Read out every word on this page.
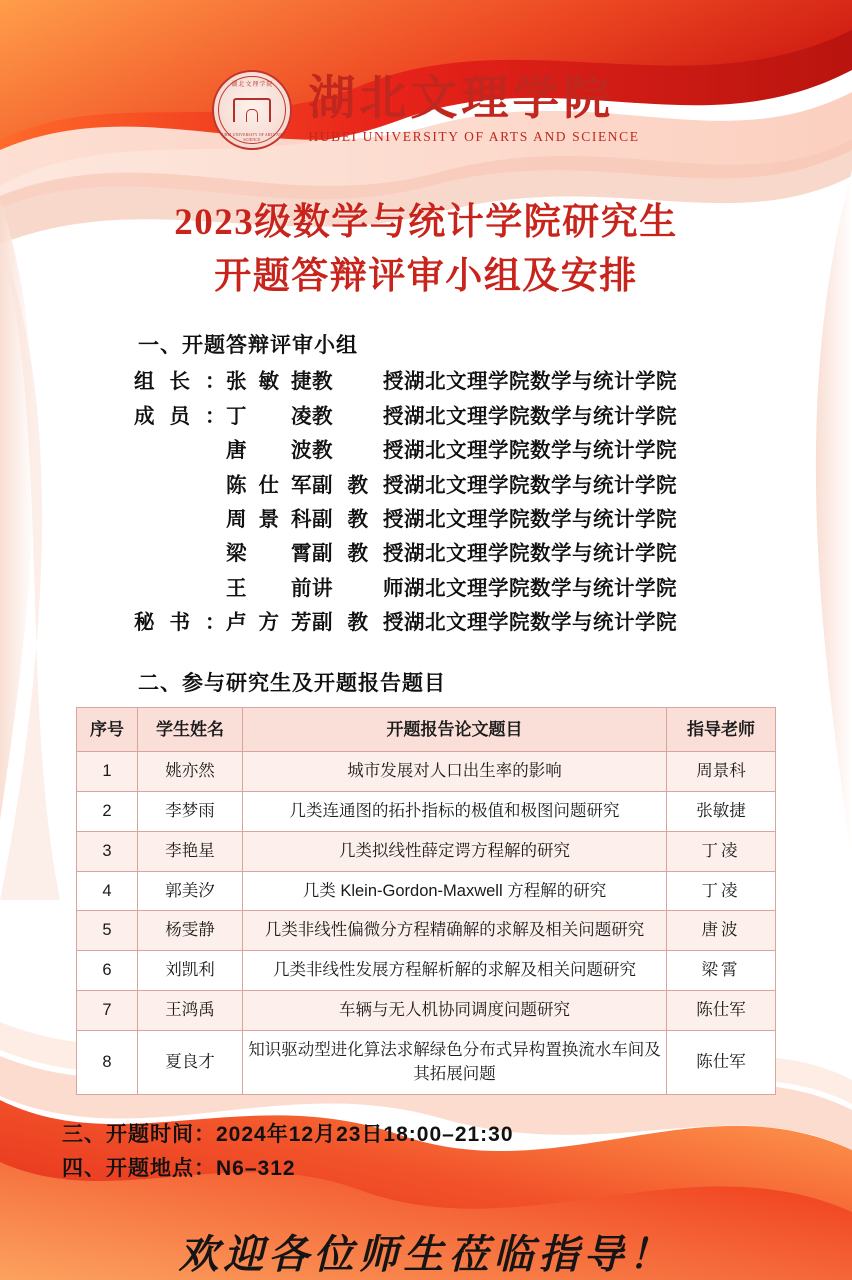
湖北文理学院
HUBEI UNIVERSITY OF ARTS AND SCIENCE
湖北文理学院
HUBEI UNIVERSITY OF ARTS AND SCIENCE
2023级数学与统计学院研究生
开题答辩评审小组及安排
一、开题答辩评审小组
组长： 张敏捷 教授 湖北文理学院数学与统计学院
成员： 丁凌 教授 湖北文理学院数学与统计学院
唐波 教授 湖北文理学院数学与统计学院
陈仕军 副教授 湖北文理学院数学与统计学院
周景科 副教授 湖北文理学院数学与统计学院
梁霄 副教授 湖北文理学院数学与统计学院
王前 讲师 湖北文理学院数学与统计学院
秘书： 卢方芳 副教授 湖北文理学院数学与统计学院
二、参与研究生及开题报告题目
序号	学生姓名	开题报告论文题目	指导老师
1	姚亦然	城市发展对人口出生率的影响	周景科
2	李梦雨	几类连通图的拓扑指标的极值和极图问题研究	张敏捷
3	李艳星	几类拟线性薛定谔方程解的研究	丁凌
4	郭美汐	几类 Klein-Gordon-Maxwell 方程解的研究	丁凌
5	杨雯静	几类非线性偏微分方程精确解的求解及相关问题研究	唐波
6	刘凯利	几类非线性发展方程解析解的求解及相关问题研究	梁霄
7	王鸿禹	车辆与无人机协同调度问题研究	陈仕军
8	夏良才	知识驱动型进化算法求解绿色分布式异构置换流水车间及其拓展问题	陈仕军
三、开题时间：2024年12月23日18:00–21:30
四、开题地点：N6–312
欢迎各位师生莅临指导！
